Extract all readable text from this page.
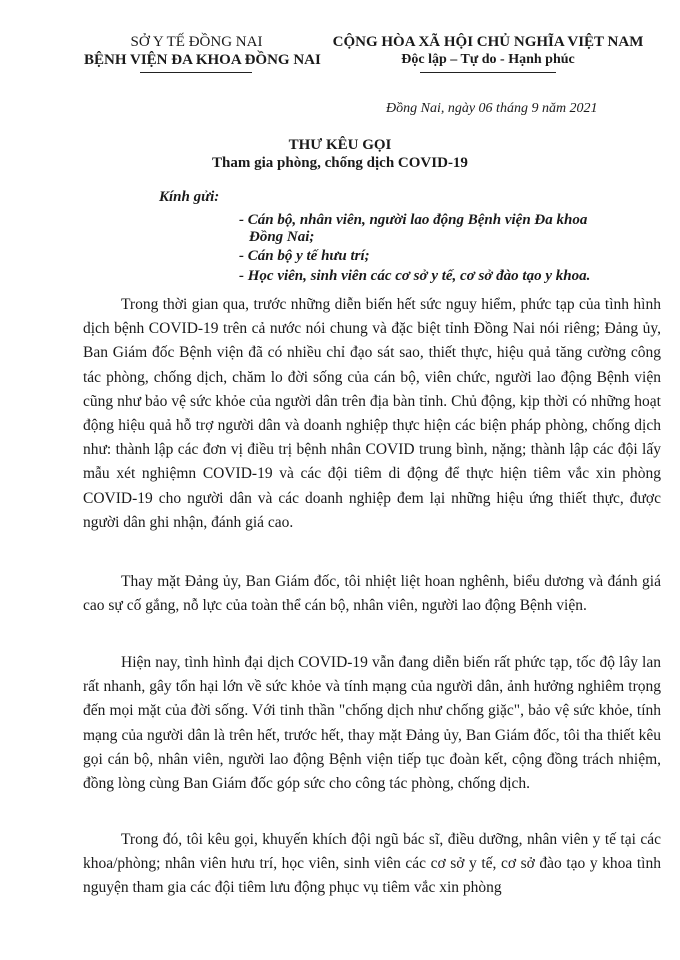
SỞ Y TẾ ĐỒNG NAI
BỆNH VIỆN ĐA KHOA ĐỒNG NAI
CỘNG HÒA XÃ HỘI CHỦ NGHĨA VIỆT NAM
Độc lập – Tự do - Hạnh phúc
Đồng Nai, ngày 06 tháng 9 năm 2021
THƯ KÊU GỌI
Tham gia phòng, chống dịch COVID-19
Kính gửi:
- Cán bộ, nhân viên, người lao động Bệnh viện Đa khoa
Đồng Nai;
- Cán bộ y tế hưu trí;
- Học viên, sinh viên các cơ sở y tế, cơ sở đào tạo y khoa.
Trong thời gian qua, trước những diễn biến hết sức nguy hiểm, phức tạp của tình hình dịch bệnh COVID-19 trên cả nước nói chung và đặc biệt tỉnh Đồng Nai nói riêng; Đảng ủy, Ban Giám đốc Bệnh viện đã có nhiều chỉ đạo sát sao, thiết thực, hiệu quả tăng cường công tác phòng, chống dịch, chăm lo đời sống của cán bộ, viên chức, người lao động Bệnh viện cũng như bảo vệ sức khỏe của người dân trên địa bàn tỉnh. Chủ động, kịp thời có những hoạt động hiệu quả hỗ trợ người dân và doanh nghiệp thực hiện các biện pháp phòng, chống dịch như: thành lập các đơn vị điều trị bệnh nhân COVID trung bình, nặng; thành lập các đội lấy mẫu xét nghiệmn COVID-19 và các đội tiêm di động để thực hiện tiêm vắc xin phòng COVID-19 cho người dân và các doanh nghiệp đem lại những hiệu ứng thiết thực, được người dân ghi nhận, đánh giá cao.
Thay mặt Đảng ủy, Ban Giám đốc, tôi nhiệt liệt hoan nghênh, biểu dương và đánh giá cao sự cố gắng, nỗ lực của toàn thể cán bộ, nhân viên, người lao động Bệnh viện.
Hiện nay, tình hình đại dịch COVID-19 vẫn đang diễn biến rất phức tạp, tốc độ lây lan rất nhanh, gây tổn hại lớn về sức khỏe và tính mạng của người dân, ảnh hưởng nghiêm trọng đến mọi mặt của đời sống. Với tinh thần "chống dịch như chống giặc", bảo vệ sức khỏe, tính mạng của người dân là trên hết, trước hết, thay mặt Đảng ủy, Ban Giám đốc, tôi tha thiết kêu gọi cán bộ, nhân viên, người lao động Bệnh viện tiếp tục đoàn kết, cộng đồng trách nhiệm, đồng lòng cùng Ban Giám đốc góp sức cho công tác phòng, chống dịch.
Trong đó, tôi kêu gọi, khuyến khích đội ngũ bác sĩ, điều dưỡng, nhân viên y tế tại các khoa/phòng; nhân viên hưu trí, học viên, sinh viên các cơ sở y tế, cơ sở đào tạo y khoa tình nguyện tham gia các đội tiêm lưu động phục vụ tiêm vắc xin phòng
